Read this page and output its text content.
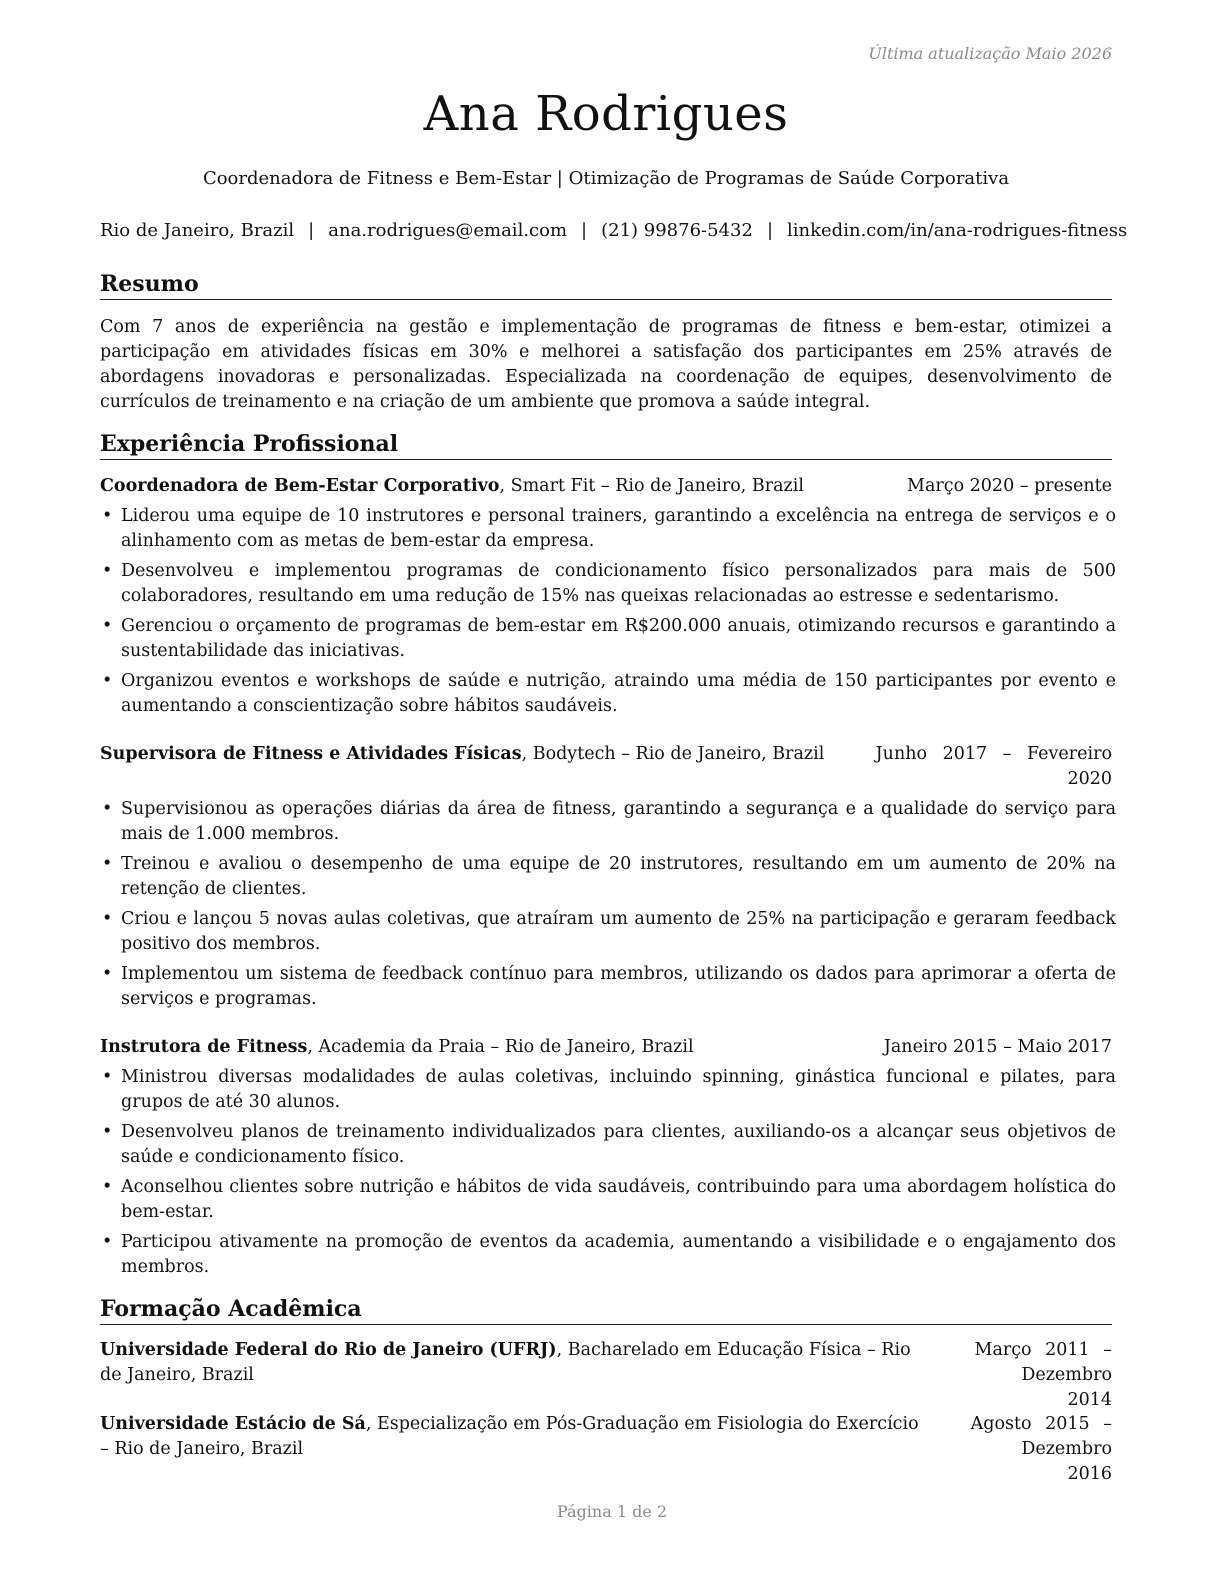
Última atualização Maio 2026
Ana Rodrigues
Coordenadora de Fitness e Bem-Estar | Otimização de Programas de Saúde Corporativa
Rio de Janeiro, Brazil | ana.rodrigues@email.com | (21) 99876-5432 | linkedin.com/in/ana-rodrigues-fitness
Resumo
Com 7 anos de experiência na gestão e implementação de programas de fitness e bem-estar, otimizei a participação em atividades físicas em 30% e melhorei a satisfação dos participantes em 25% através de abordagens inovadoras e personalizadas. Especializada na coordenação de equipes, desenvolvimento de currículos de treinamento e na criação de um ambiente que promova a saúde integral.
Experiência Profissional
Coordenadora de Bem-Estar Corporativo, Smart Fit – Rio de Janeiro, Brazil	Março 2020 – presente
• Liderou uma equipe de 10 instrutores e personal trainers, garantindo a excelência na entrega de serviços e o alinhamento com as metas de bem-estar da empresa.
• Desenvolveu e implementou programas de condicionamento físico personalizados para mais de 500 colaboradores, resultando em uma redução de 15% nas queixas relacionadas ao estresse e sedentarismo.
• Gerenciou o orçamento de programas de bem-estar em R$200.000 anuais, otimizando recursos e garantindo a sustentabilidade das iniciativas.
• Organizou eventos e workshops de saúde e nutrição, atraindo uma média de 150 participantes por evento e aumentando a conscientização sobre hábitos saudáveis.
Supervisora de Fitness e Atividades Físicas, Bodytech – Rio de Janeiro, Brazil	Junho 2017 – Fevereiro
2020
• Supervisionou as operações diárias da área de fitness, garantindo a segurança e a qualidade do serviço para mais de 1.000 membros.
• Treinou e avaliou o desempenho de uma equipe de 20 instrutores, resultando em um aumento de 20% na retenção de clientes.
• Criou e lançou 5 novas aulas coletivas, que atraíram um aumento de 25% na participação e geraram feedback positivo dos membros.
• Implementou um sistema de feedback contínuo para membros, utilizando os dados para aprimorar a oferta de serviços e programas.
Instrutora de Fitness, Academia da Praia – Rio de Janeiro, Brazil	Janeiro 2015 – Maio 2017
• Ministrou diversas modalidades de aulas coletivas, incluindo spinning, ginástica funcional e pilates, para grupos de até 30 alunos.
• Desenvolveu planos de treinamento individualizados para clientes, auxiliando-os a alcançar seus objetivos de saúde e condicionamento físico.
• Aconselhou clientes sobre nutrição e hábitos de vida saudáveis, contribuindo para uma abordagem holística do bem-estar.
• Participou ativamente na promoção de eventos da academia, aumentando a visibilidade e o engajamento dos membros.
Formação Acadêmica
Universidade Federal do Rio de Janeiro (UFRJ), Bacharelado em Educação Física – Rio de Janeiro, Brazil
Março 2011 – Dezembro
2014
Universidade Estácio de Sá, Especialização em Pós-Graduação em Fisiologia do Exercício – Rio de Janeiro, Brazil
Agosto 2015 – Dezembro
2016
Página 1 de 2
